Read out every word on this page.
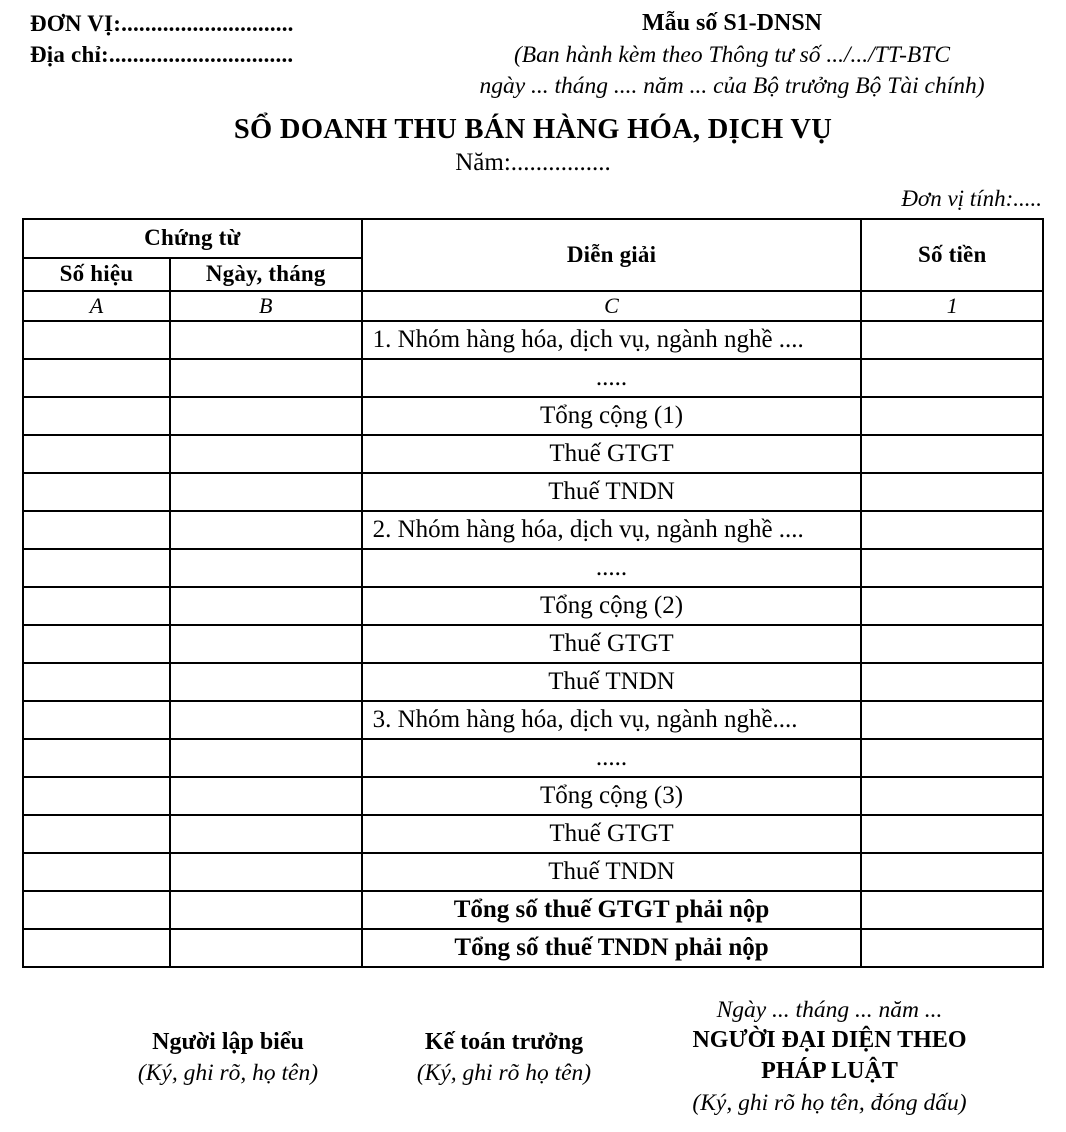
ĐƠN VỊ:.............................
Địa chỉ:...............................
Mẫu số S1-DNSN
(Ban hành kèm theo Thông tư số .../.../TT-BTC
ngày ... tháng .... năm ... của Bộ trưởng Bộ Tài chính)
SỔ DOANH THU BÁN HÀNG HÓA, DỊCH VỤ
Năm:................
Đơn vị tính:.....
Chứng từ		Diễn giải	Số tiền
Số hiệu	Ngày, tháng		
A	B	C	1
		1. Nhóm hàng hóa, dịch vụ, ngành nghề ....	
		.....	
		Tổng cộng (1)	
		Thuế GTGT	
		Thuế TNDN	
		2. Nhóm hàng hóa, dịch vụ, ngành nghề ....	
		.....	
		Tổng cộng (2)	
		Thuế GTGT	
		Thuế TNDN	
		3. Nhóm hàng hóa, dịch vụ, ngành nghề....	
		.....	
		Tổng cộng (3)	
		Thuế GTGT	
		Thuế TNDN	
		Tổng số thuế GTGT phải nộp	
		Tổng số thuế TNDN phải nộp	
Người lập biểu
(Ký, ghi rõ, họ tên)
Kế toán trưởng
(Ký, ghi rõ họ tên)
Ngày ... tháng ... năm ...
NGƯỜI ĐẠI DIỆN THEO
PHÁP LUẬT
(Ký, ghi rõ họ tên, đóng dấu)
